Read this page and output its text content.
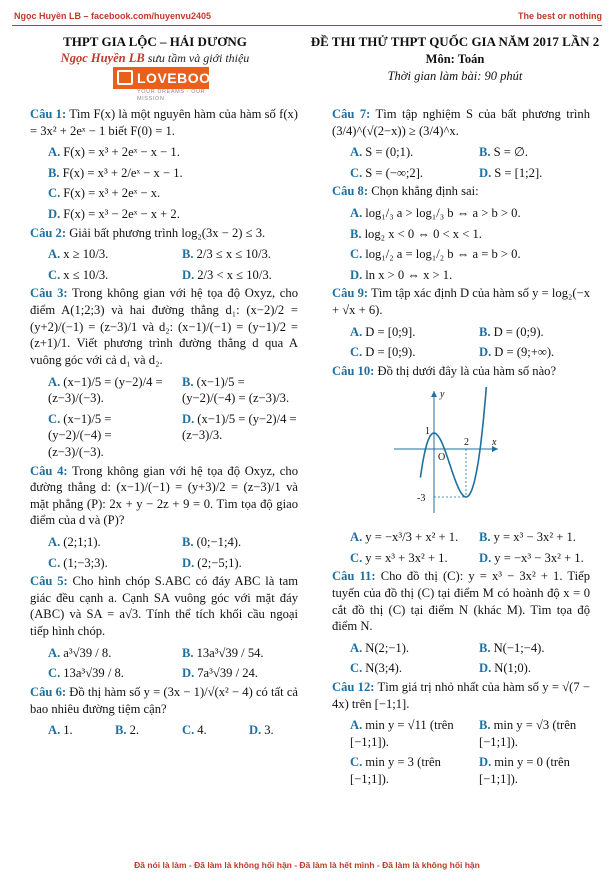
Ngọc Huyền LB – facebook.com/huyenvu2405	The best or nothing
THPT GIA LỘC – HẢI DƯƠNG
Ngọc Huyền LB sưu tầm và giới thiệu
LOVEBOOK.VN
YOUR DREAMS - OUR MISSION
ĐỀ THI THỬ THPT QUỐC GIA NĂM 2017 LẦN 2
Môn: Toán
Thời gian làm bài: 90 phút
Câu 1: Tìm F(x) là một nguyên hàm của hàm số f(x) = 3x² + 2eˣ − 1 biết F(0) = 1.
A. F(x) = x³ + 2eˣ − x − 1.
B. F(x) = x³ + 2/eˣ − x − 1.
C. F(x) = x³ + 2eˣ − x.
D. F(x) = x³ − 2eˣ − x + 2.
Câu 2: Giải bất phương trình log₂(3x − 2) ≤ 3.
A. x ≥ 10/3.	B. 2/3 ≤ x ≤ 10/3.
C. x ≤ 10/3.	D. 2/3 < x ≤ 10/3.
Câu 3: Trong không gian với hệ tọa độ Oxyz, cho điểm A(1;2;3) và hai đường thẳng d₁: (x−2)/2 = (y+2)/(−1) = (z−3)/1 và d₂: (x−1)/(−1) = (y−1)/2 = (z+1)/1. Viết phương trình đường thẳng d qua A vuông góc với cả d₁ và d₂.
A. (x−1)/5 = (y−2)/4 = (z−3)/(−3).
B. (x−1)/5 = (y−2)/(−4) = (z−3)/3.
C. (x−1)/5 = (y−2)/(−4) = (z−3)/(−3).
D. (x−1)/5 = (y−2)/4 = (z−3)/3.
Câu 4: Trong không gian với hệ tọa độ Oxyz, cho đường thẳng d: (x−1)/(−1) = (y+3)/2 = (z−3)/1 và mặt phẳng (P): 2x + y − 2z + 9 = 0. Tìm tọa độ giao điểm của d và (P)?
A. (2;1;1).	B. (0;−1;4).
C. (1;−3;3).	D. (2;−5;1).
Câu 5: Cho hình chóp S.ABC có đáy ABC là tam giác đều cạnh a. Cạnh SA vuông góc với mặt đáy (ABC) và SA = a√3. Tính thể tích khối cầu ngoại tiếp hình chóp.
A. a³√39 / 8.	B. 13a³√39 / 54.
C. 13a³√39 / 8.	D. 7a³√39 / 24.
Câu 6: Đồ thị hàm số y = (3x − 1)/√(x² − 4) có tất cả bao nhiêu đường tiệm cận?
A. 1.	B. 2.	C. 4.	D. 3.
Câu 7: Tìm tập nghiệm S của bất phương trình (3/4)^(√(2−x)) ≥ (3/4)^x.
A. S = (0;1).	B. S = ∅.
C. S = (−∞;2].	D. S = [1;2].
Câu 8: Chọn khẳng định sai:
A. log₁/₃ a > log₁/₃ b ⇔ a > b > 0.
B. log₂ x < 0 ⇔ 0 < x < 1.
C. log₁/₂ a = log₁/₂ b ⇔ a = b > 0.
D. ln x > 0 ⇔ x > 1.
Câu 9: Tìm tập xác định D của hàm số y = log₂(−x + √x + 6).
A. D = [0;9].	B. D = (0;9).
C. D = [0;9).	D. D = (9;+∞).
Câu 10: Đồ thị dưới đây là của hàm số nào?
y
x
O
1
2
-3
A. y = −x³/3 + x² + 1.	B. y = x³ − 3x² + 1.
C. y = x³ + 3x² + 1.	D. y = −x³ − 3x² + 1.
Câu 11: Cho đồ thị (C): y = x³ − 3x² + 1. Tiếp tuyến của đồ thị (C) tại điểm M có hoành độ x = 0 cắt đồ thị (C) tại điểm N (khác M). Tìm tọa độ điểm N.
A. N(2;−1).	B. N(−1;−4).
C. N(3;4).	D. N(1;0).
Câu 12: Tìm giá trị nhỏ nhất của hàm số y = √(7 − 4x) trên [−1;1].
A. min y = √11 (trên [−1;1]).
B. min y = √3 (trên [−1;1]).
C. min y = 3 (trên [−1;1]).
D. min y = 0 (trên [−1;1]).
Đã nói là làm - Đã làm là không hối hận - Đã làm là hết mình - Đã làm là không hối hận
